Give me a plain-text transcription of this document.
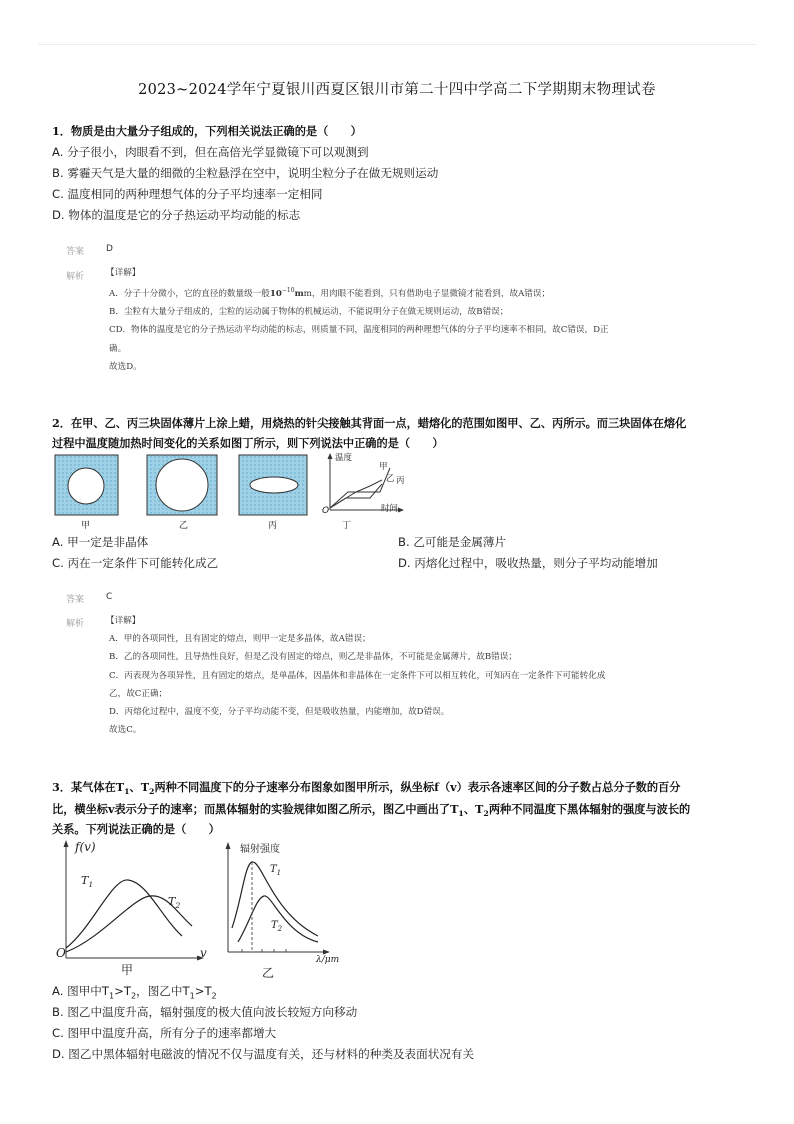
2023~2024学年宁夏银川西夏区银川市第二十四中学高二下学期期末物理试卷
1．物质是由大量分子组成的，下列相关说法正确的是（　　）
A. 分子很小，肉眼看不到，但在高倍光学显微镜下可以观测到
B. 雾霾天气是大量的细微的尘粒悬浮在空中，说明尘粒分子在做无规则运动
C. 温度相同的两种理想气体的分子平均速率一定相同
D. 物体的温度是它的分子热运动平均动能的标志
答案 D
解析	【详解】
A．分子十分微小，它的直径的数量级一般$10^{-10}mm$，用肉眼不能看到，只有借助电子显微镜才能看到，故A错误；
B．尘粒有大量分子组成的，尘粒的运动属于物体的机械运动，不能说明分子在做无规则运动，故B错误；
CD．物体的温度是它的分子热运动平均动能的标志，则质量不同，温度相同的两种理想气体的分子平均速率不相同，故C错误，D正
确。
故选D。
2．在甲、乙、丙三块固体薄片上涂上蜡，用烧热的针尖接触其背面一点，蜡熔化的范围如图甲、乙、丙所示。而三块固体在熔化
过程中温度随加热时间变化的关系如图丁所示，则下列说法中正确的是（　　）
温度
甲
乙 丙
O	时间
甲	乙	丙	丁
A. 甲一定是非晶体	B. 乙可能是金属薄片
C. 丙在一定条件下可能转化成乙	D. 丙熔化过程中，吸收热量，则分子平均动能增加
答案 C
解析	【详解】
A．甲的各项同性，且有固定的熔点，则甲一定是多晶体，故A错误；
B．乙的各项同性，且导热性良好，但是乙没有固定的熔点，则乙是非晶体，不可能是金属薄片，故B错误；
C．丙表现为各项异性，且有固定的熔点，是单晶体，因晶体和非晶体在一定条件下可以相互转化，可知丙在一定条件下可能转化成
乙，故C正确；
D．丙熔化过程中，温度不变，分子平均动能不变，但是吸收热量，内能增加，故D错误。
故选C。
3．某气体在$T_1$、$T_2$两种不同温度下的分子速率分布图象如图甲所示，纵坐标f（v）表示各速率区间的分子数占总分子数的百分
比，横坐标v表示分子的速率；而黑体辐射的实验规律如图乙所示，图乙中画出了$T_1$、$T_2$两种不同温度下黑体辐射的强度与波长的
关系。下列说法正确的是（　　）
f(v)
$T_1$
$T_2$
O	v
甲
辐射强度
$T_1$
$T_2$
λ/μm
乙
A. 图甲中$T_1>T_2$，图乙中$T_1>T_2$
B. 图乙中温度升高，辐射强度的极大值向波长较短方向移动
C. 图甲中温度升高，所有分子的速率都增大
D. 图乙中黑体辐射电磁波的情况不仅与温度有关，还与材料的种类及表面状况有关
